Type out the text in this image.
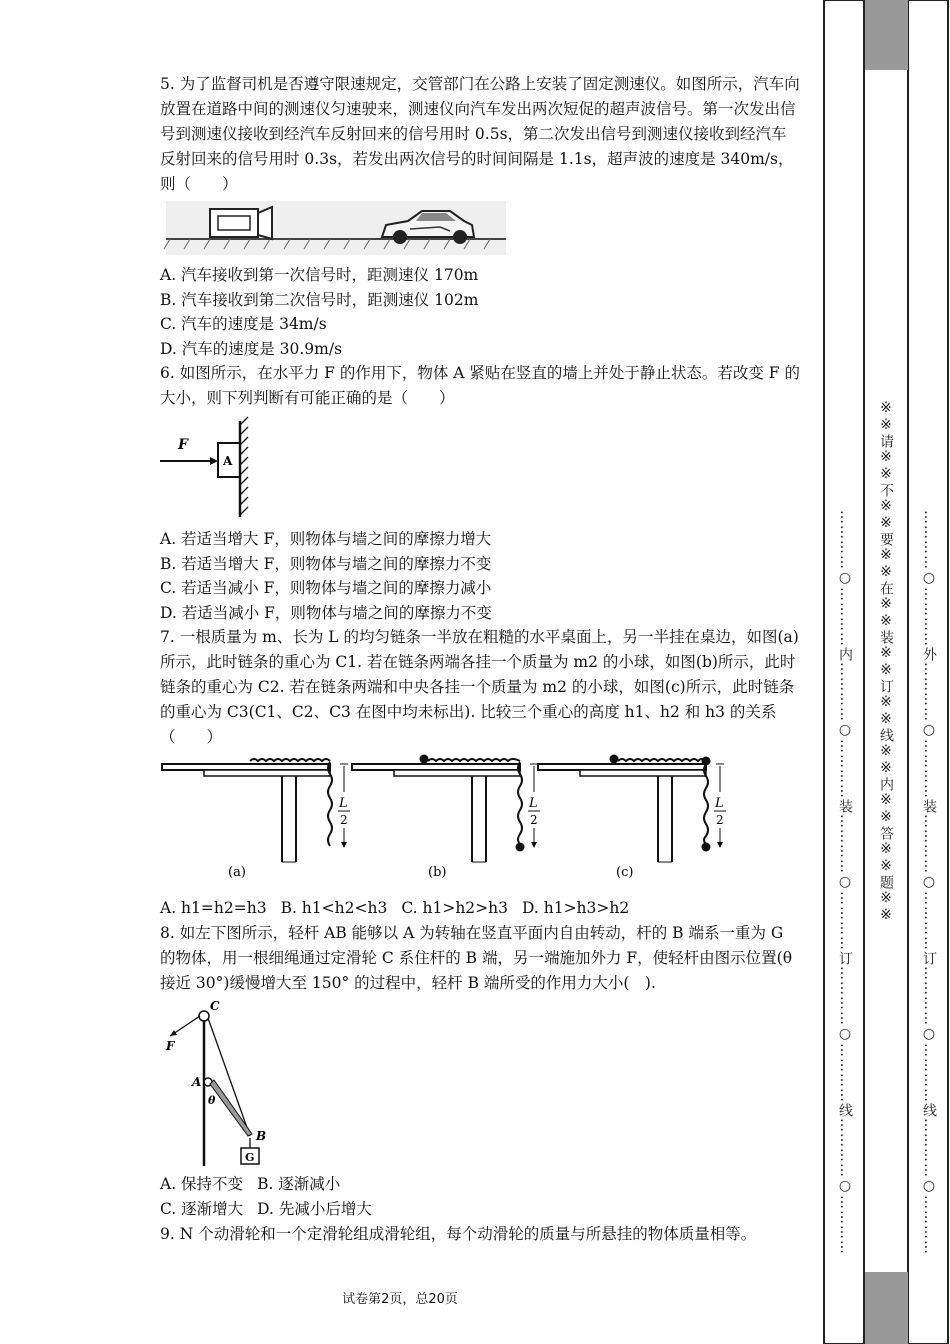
5. 为了监督司机是否遵守限速规定，交管部门在公路上安装了固定测速仪。如图所示，汽车向放置在道路中间的测速仪匀速驶来，测速仪向汽车发出两次短促的超声波信号。第一次发出信号到测速仪接收到经汽车反射回来的信号用时 0.5s，第二次发出信号到测速仪接收到经汽车反射回来的信号用时 0.3s，若发出两次信号的时间间隔是 1.1s，超声波的速度是 340m/s，则（　　）

A. 汽车接收到第一次信号时，距测速仪 170m

B. 汽车接收到第二次信号时，距测速仪 102m

C. 汽车的速度是 34m/s

D. 汽车的速度是 30.9m/s

6. 如图所示，在水平力 F 的作用下，物体 A 紧贴在竖直的墙上并处于静止状态。若改变 F 的大小，则下列判断有可能正确的是（　　）

F
A

A. 若适当增大 F，则物体与墙之间的摩擦力增大

B. 若适当增大 F，则物体与墙之间的摩擦力不变

C. 若适当减小 F，则物体与墙之间的摩擦力减小

D. 若适当减小 F，则物体与墙之间的摩擦力不变

7. 一根质量为 m、长为 L 的均匀链条一半放在粗糙的水平桌面上，另一半挂在桌边，如图(a)所示，此时链条的重心为 C1. 若在链条两端各挂一个质量为 m2 的小球，如图(b)所示，此时链条的重心为 C2. 若在链条两端和中央各挂一个质量为 m2 的小球，如图(c)所示，此时链条的重心为 C3(C1、C2、C3 在图中均未标出). 比较三个重心的高度 h1、h2 和 h3 的关系（　　）

L
2
(a)
L
2
(b)
L
2
(c)

A. h1=h2=h3 B. h1<h2<h3 C. h1>h2>h3 D. h1>h3>h2

8. 如左下图所示，轻杆 AB 能够以 A 为转轴在竖直平面内自由转动，杆的 B 端系一重为 G 的物体，用一根细绳通过定滑轮 C 系住杆的 B 端，另一端施加外力 F，使轻杆由图示位置(θ 接近 30°)缓慢增大至 150° 的过程中，轻杆 B 端所受的作用力大小(　).

C
F
A
θ
B
G

A. 保持不变 B. 逐渐减小

C. 逐渐增大 D. 先减小后增大

9. N 个动滑轮和一个定滑轮组成滑轮组，每个动滑轮的质量与所悬挂的物体质量相等。

试卷第2页，总20页
…………○…………内…………○…………装…………○…………订…………○…………线…………○………… ※※请※※不※※要※※在※※装※※订※※线※※内※※答※※题※※ …………○…………外…………○…………装…………○…………订…………○…………线…………○…………
